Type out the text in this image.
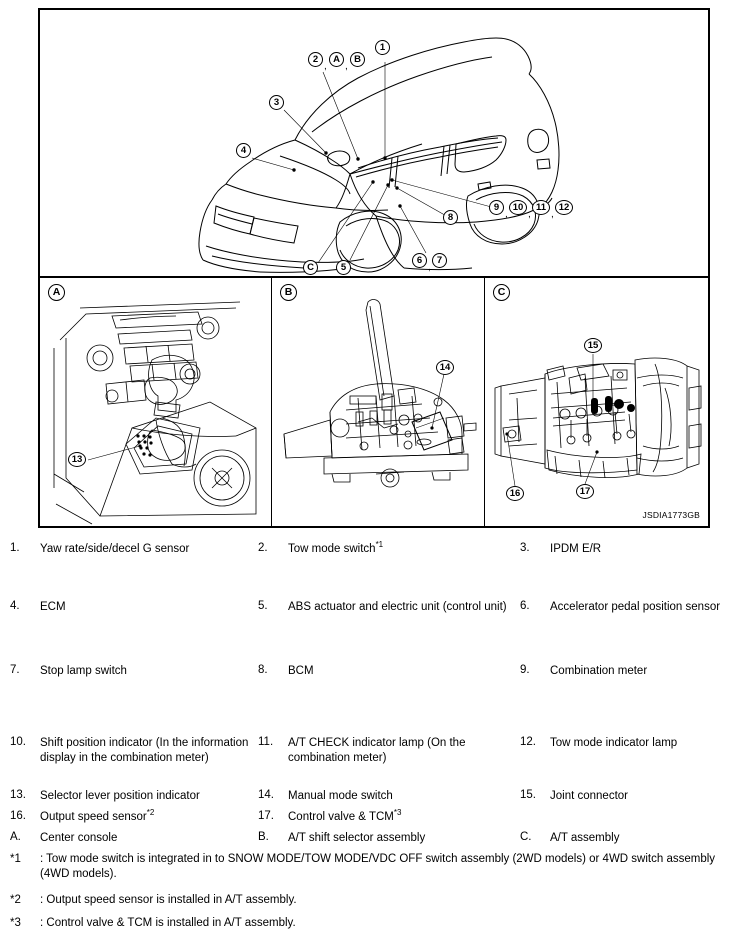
1
2	A	B
, ,
3
4
5
C
6
,
7
8
9
,
10
,
11
,
12
A
13
B
14
C
15
16	17
JSDIA1773GB
1.	Yaw rate/side/decel G sensor	2.	Tow mode switch$^{*1}$	3.	IPDM E/R
4.	ECM	5.	ABS actuator and electric unit (control unit)	6.	Accelerator pedal position sensor
7.	Stop lamp switch	8.	BCM	9.	Combination meter
10.	Shift position indicator (In the information display in the combination meter)
11.	A/T CHECK indicator lamp (On the combination meter)
12.	Tow mode indicator lamp
13.	Selector lever position indicator	14.	Manual mode switch	15.	Joint connector
16.	Output speed sensor$^{*2}$	17.	Control valve & TCM$^{*3}$
A.	Center console	B.	A/T shift selector assembly	C.	A/T assembly
*1	: Tow mode switch is integrated in to SNOW MODE/TOW MODE/VDC OFF switch assembly (2WD models) or 4WD switch assembly (4WD models).
*2	: Output speed sensor is installed in A/T assembly.
*3	: Control valve & TCM is installed in A/T assembly.
